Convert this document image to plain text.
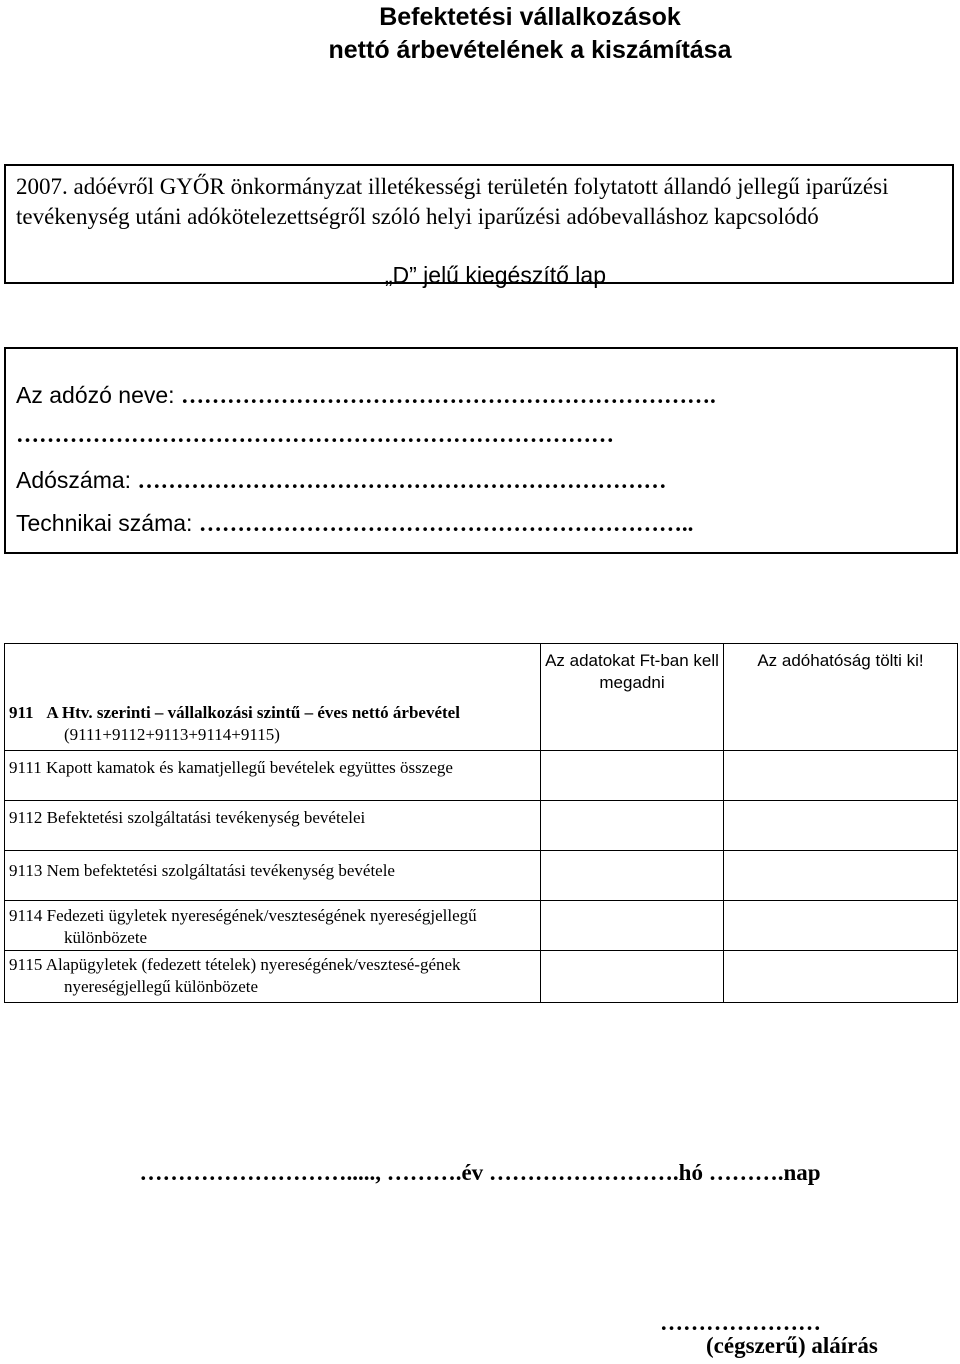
Befektetési vállalkozások
nettó árbevételének a kiszámítása
2007. adóévről GYŐR önkormányzat illetékességi területén folytatott állandó jellegű iparűzési tevékenység utáni adókötelezettségről szóló helyi iparűzési adóbevalláshoz kapcsolódó
„D” jelű kiegészítő lap
Az adózó neve: …………………………………………………………….
……………………………………………………………………
Adószáma: ……………………………………………………………
Technikai száma: ………………………………………………………..
911 A Htv. szerinti – vállalkozási szintű – éves nettó árbevétel (9111+9112+9113+9114+9115)	Az adatokat Ft-ban kell megadni	Az adóhatóság tölti ki!

9111 Kapott kamatok és kamatjellegű bevételek együttes összege		

9112 Befektetési szolgáltatási tevékenység bevételei		

9113 Nem befektetési szolgáltatási tevékenység bevétele		

9114 Fedezeti ügyletek nyereségének/veszteségének nyereségjellegű különbözete		

9115 Alapügyletek (fedezett tételek) nyereségének/vesztesé-gének nyereségjellegű különbözete		

………………………....., ……….év …………………….hó ……….nap
…………………
(cégszerű) aláírás
